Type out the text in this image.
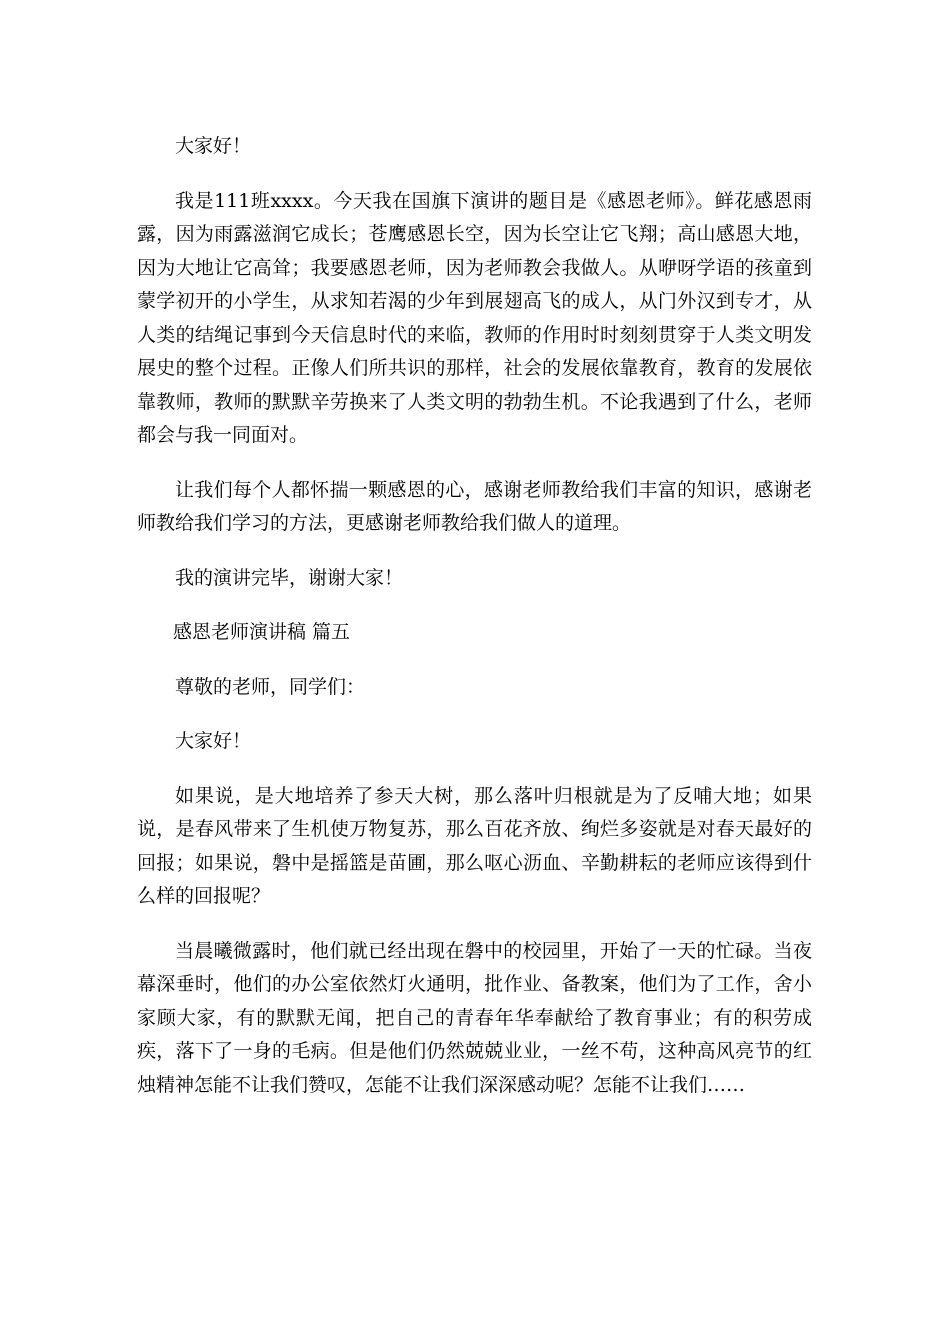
大家好！

我是111班xxxx。今天我在国旗下演讲的题目是《感恩老师》。鲜花感恩雨露，因为雨露滋润它成长；苍鹰感恩长空，因为长空让它飞翔；高山感恩大地，因为大地让它高耸；我要感恩老师，因为老师教会我做人。从咿呀学语的孩童到蒙学初开的小学生，从求知若渴的少年到展翅高飞的成人，从门外汉到专才，从人类的结绳记事到今天信息时代的来临，教师的作用时时刻刻贯穿于人类文明发展史的整个过程。正像人们所共识的那样，社会的发展依靠教育，教育的发展依靠教师，教师的默默辛劳换来了人类文明的勃勃生机。不论我遇到了什么，老师都会与我一同面对。

让我们每个人都怀揣一颗感恩的心，感谢老师教给我们丰富的知识，感谢老师教给我们学习的方法，更感谢老师教给我们做人的道理。

我的演讲完毕，谢谢大家！

感恩老师演讲稿 篇五

尊敬的老师，同学们：

大家好！

如果说，是大地培养了参天大树，那么落叶归根就是为了反哺大地；如果说，是春风带来了生机使万物复苏，那么百花齐放、绚烂多姿就是对春天最好的回报；如果说，磐中是摇篮是苗圃，那么呕心沥血、辛勤耕耘的老师应该得到什么样的回报呢？

当晨曦微露时，他们就已经出现在磐中的校园里，开始了一天的忙碌。当夜幕深垂时，他们的办公室依然灯火通明，批作业、备教案，他们为了工作，舍小家顾大家，有的默默无闻，把自己的青春年华奉献给了教育事业；有的积劳成疾，落下了一身的毛病。但是他们仍然兢兢业业，一丝不苟，这种高风亮节的红烛精神怎能不让我们赞叹，怎能不让我们深深感动呢？怎能不让我们……
